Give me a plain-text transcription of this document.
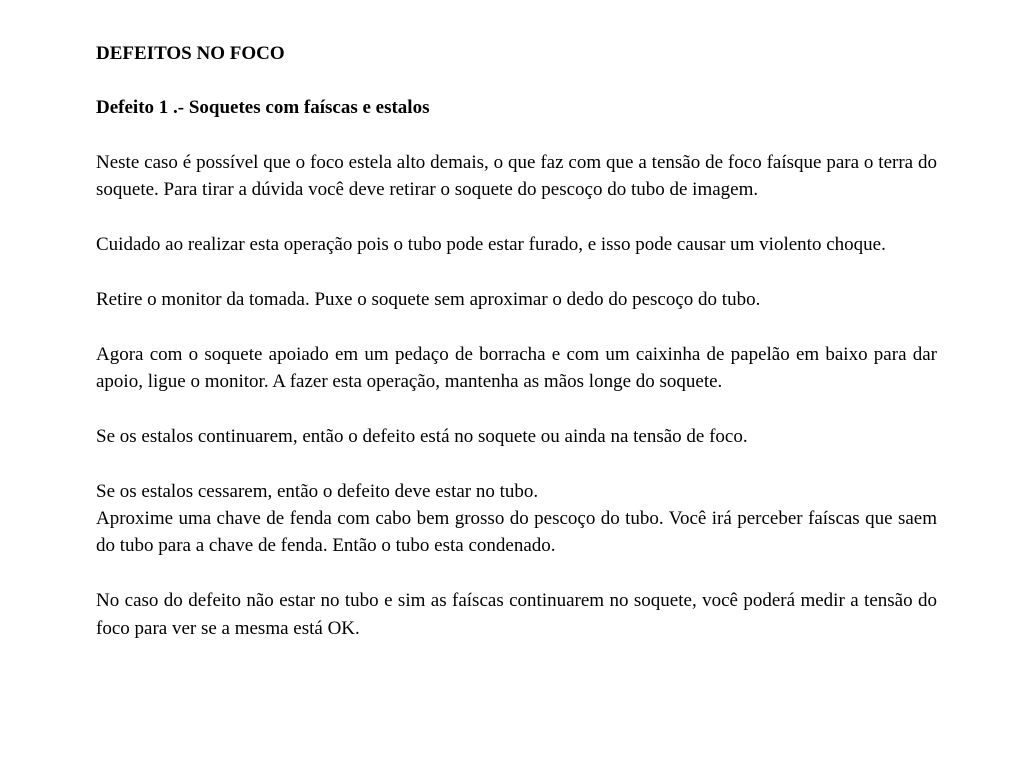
DEFEITOS NO FOCO

Defeito 1 .- Soquetes com faíscas e estalos

Neste caso é possível que o foco estela alto demais, o que faz com que a tensão de foco faísque para o terra do soquete. Para tirar a dúvida você deve retirar o soquete do pescoço do tubo de imagem.

Cuidado ao realizar esta operação pois o tubo pode estar furado, e isso pode causar um violento choque.

Retire o monitor da tomada. Puxe o soquete sem aproximar o dedo do pescoço do tubo.

Agora com o soquete apoiado em um pedaço de borracha e com um caixinha de papelão em baixo para dar apoio, ligue o monitor. A fazer esta operação, mantenha as mãos longe do soquete.

Se os estalos continuarem, então o defeito está no soquete ou ainda na tensão de foco.

Se os estalos cessarem, então o defeito deve estar no tubo.

Aproxime uma chave de fenda com cabo bem grosso do pescoço do tubo. Você irá perceber faíscas que saem do tubo para a chave de fenda. Então o tubo esta condenado.

No caso do defeito não estar no tubo e sim as faíscas continuarem no soquete, você poderá medir a tensão do foco para ver se a mesma está OK.
